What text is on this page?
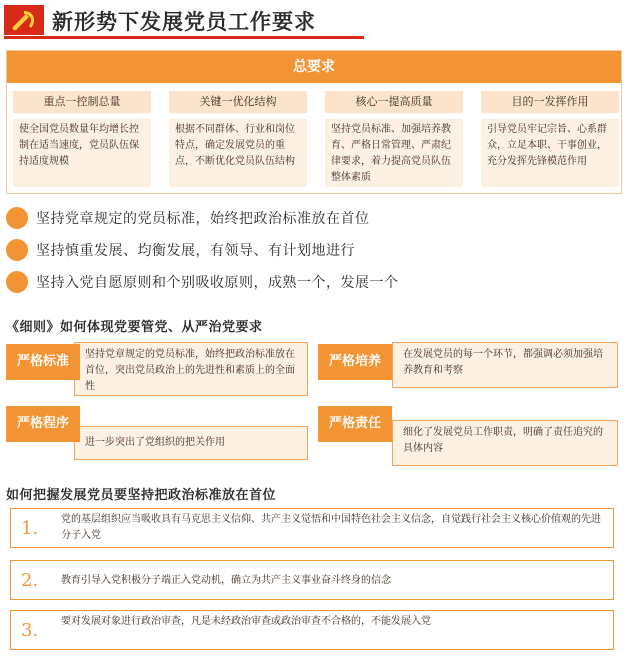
新形势下发展党员工作要求
总要求
重点一控制总量
使全国党员数量年均增长控制在适当速度，党员队伍保持适度规模
关键一优化结构
根据不同群体、行业和岗位特点，确定发展党员的重点，不断优化党员队伍结构
核心一提高质量
坚持党员标准、加强培养教育、严格日常管理、严肃纪律要求，着力提高党员队伍整体素质
目的一发挥作用
引导党员牢记宗旨、心系群众，立足本职、干事创业，充分发挥先锋模范作用
坚持党章规定的党员标准，始终把政治标准放在首位
坚持慎重发展、均衡发展，有领导、有计划地进行
坚持入党自愿原则和个别吸收原则，成熟一个，发展一个
《细则》如何体现党要管党、从严治党要求
坚持党章规定的党员标准，始终把政治标准放在首位，突出党员政治上的先进性和素质上的全面性
严格标准	在发展党员的每一个环节，都强调必须加强培养教育和考察
严格培养
进一步突出了党组织的把关作用
严格程序
细化了发展党员工作职责，明确了责任追究的具体内容
严格责任
如何把握发展党员要坚持把政治标准放在首位
1. 党的基层组织应当吸收具有马克思主义信仰、共产主义觉悟和中国特色社会主义信念，自觉践行社会主义核心价值观的先进分子入党
2. 教育引导入党积极分子端正入党动机，确立为共产主义事业奋斗终身的信念
3. 要对发展对象进行政治审查，凡是未经政治审查或政治审查不合格的，不能发展入党
